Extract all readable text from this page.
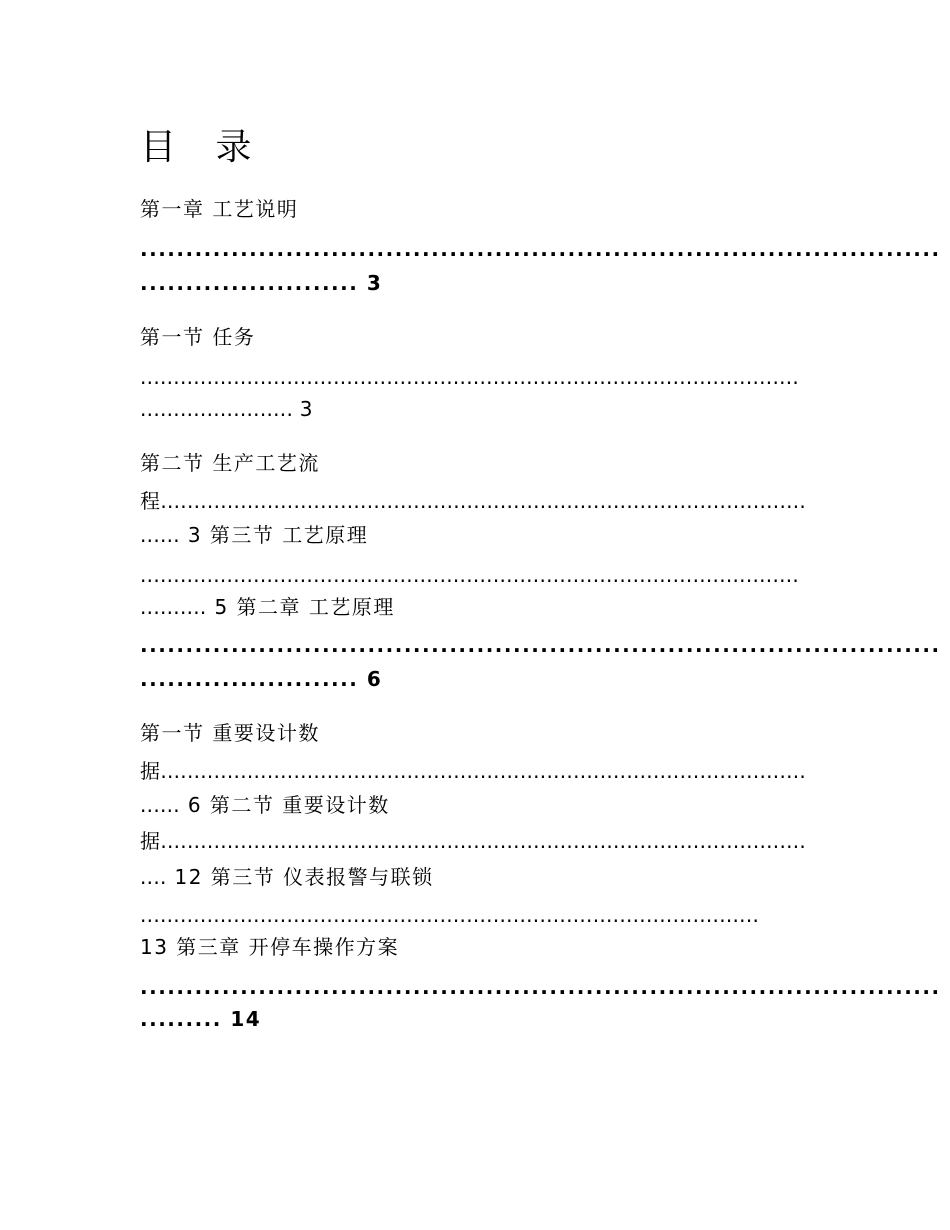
目 录
第一章 工艺说明
........................................................................................
........................ 3
第一节 任务
...................................................................................................
....................... 3
第二节 生产工艺流
程.................................................................................................
...... 3 第三节 工艺原理
...................................................................................................
.......... 5 第二章 工艺原理
........................................................................................
........................ 6
第一节 重要设计数
据.................................................................................................
...... 6 第二节 重要设计数
据.................................................................................................
.... 12 第三节 仪表报警与联锁
.............................................................................................
13 第三章 开停车操作方案
........................................................................................
......... 14
